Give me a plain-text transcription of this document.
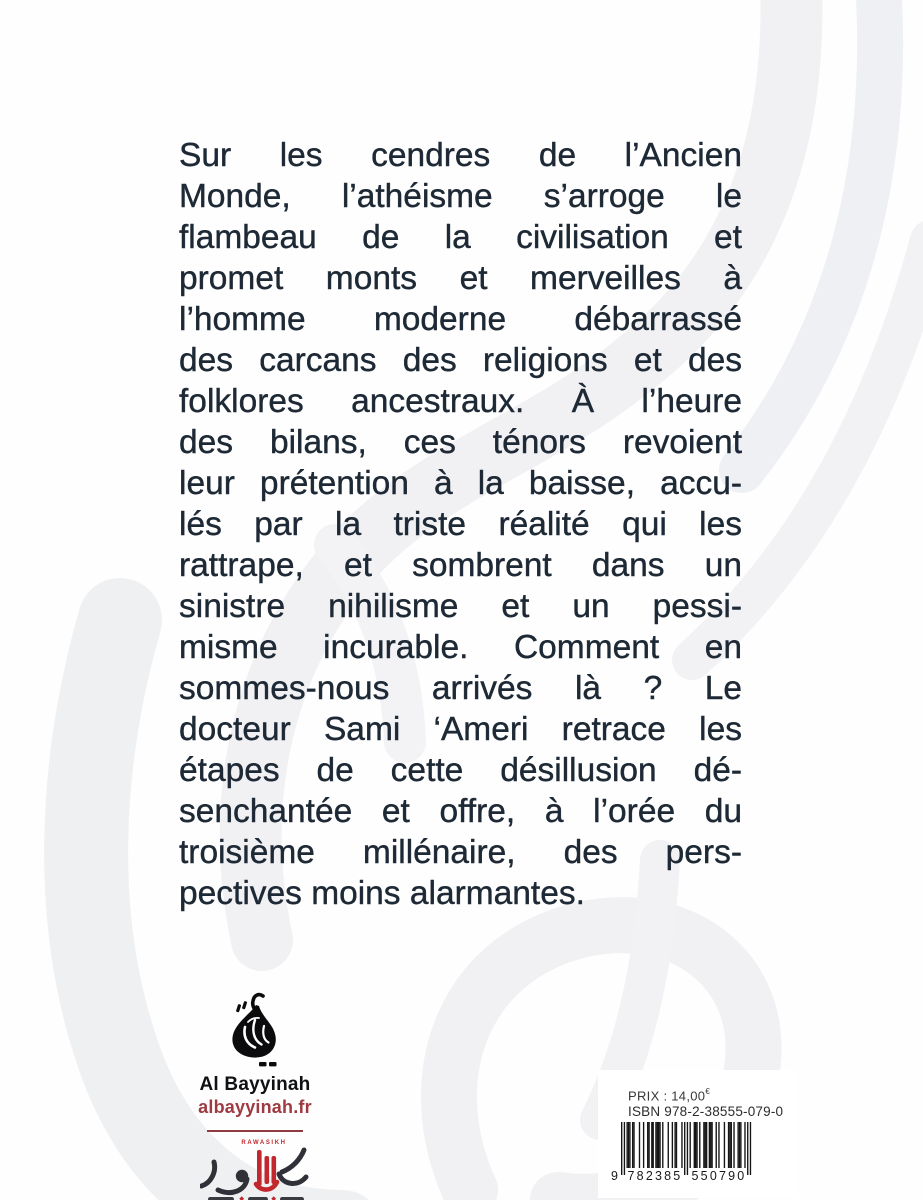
Sur les cendres de l’Ancien
Monde, l’athéisme s’arroge le
flambeau de la civilisation et
promet monts et merveilles à
l’homme moderne débarrassé
des carcans des religions et des
folklores ancestraux. À l’heure
des bilans, ces ténors revoient
leur prétention à la baisse, accu-
lés par la triste réalité qui les
rattrape, et sombrent dans un
sinistre nihilisme et un pessi-
misme incurable. Comment en
sommes-nous arrivés là ? Le
docteur Sami ‘Ameri retrace les
étapes de cette désillusion dé-
senchantée et offre, à l’orée du
troisième millénaire, des pers-
pectives moins alarmantes.
Al Bayyinah
albayyinah.fr
RAWASIKH
PRIX : 14,00€
ISBN 978-2-38555-079-0
9 782385 550790
